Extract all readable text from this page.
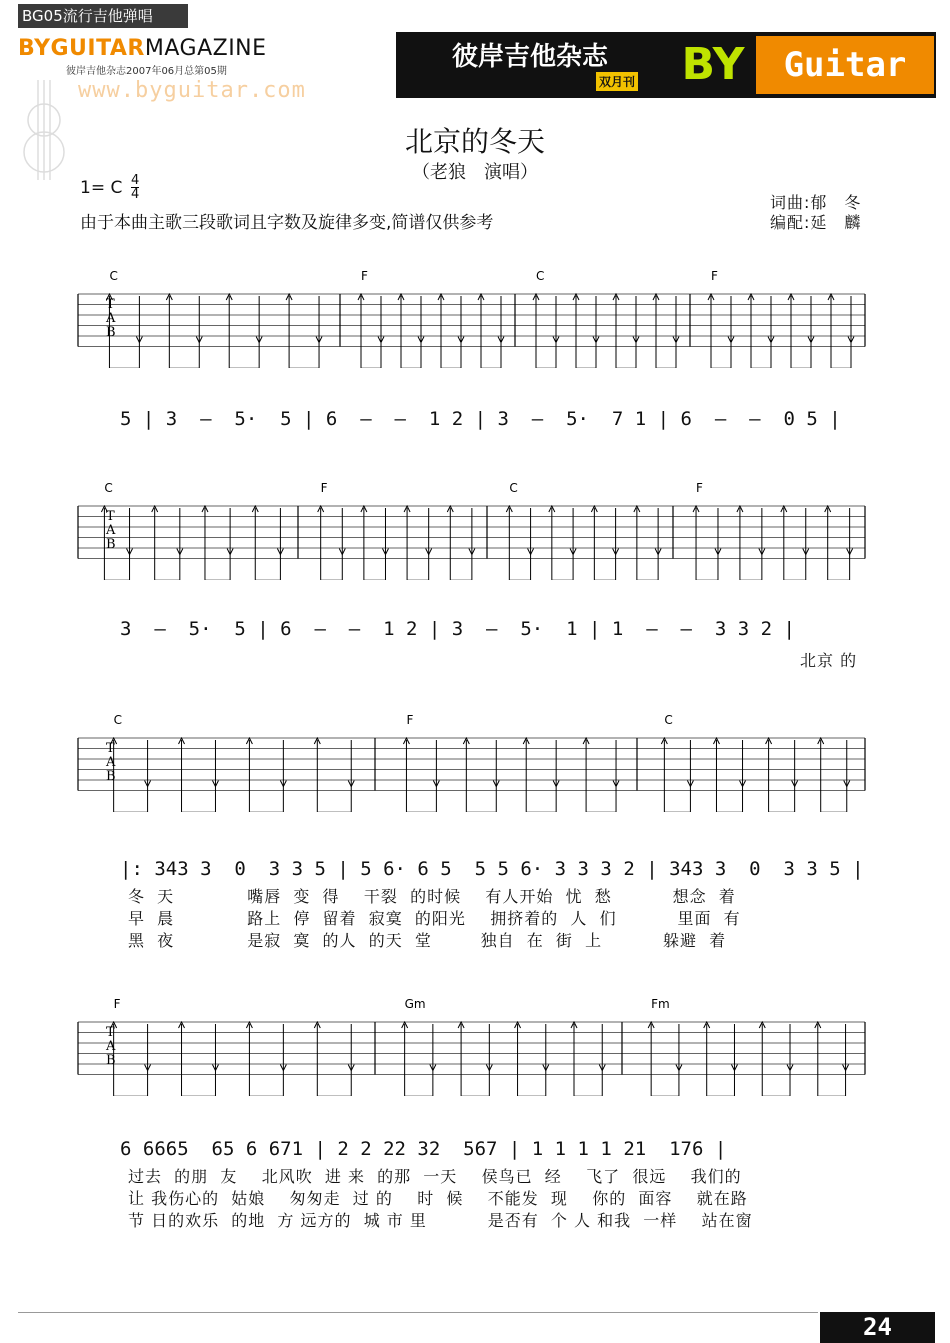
BG05流行吉他弹唱
BYGUITARMAGAZINE
彼岸吉他杂志2007年06月总第05期
www.byguitar.com
彼岸吉他杂志
双月刊 BY	Guitar
北京的冬天
（老狼　演唱）
1= C $\frac{4}{4}$
由于本曲主歌三段歌词且字数及旋律多变,简谱仅供参考
词曲:郁　冬
编配:延　麟
T
A
B
C	F	C	F
5 | 3  –  5·  5 | 6  –  –  1 2 | 3  –  5·  7 1 | 6  –  –  0 5 |
T
A
B
C	F	C	F
3  –  5·  5 | 6  –  –  1 2 | 3  –  5·  1 | 1  –  –  3 3 2 |
北京 的
T
A
B
C	F	C
|: 343 3  0  3 3 5 | 5 6· 6 5  5 5 6· 3 3 3 2 | 343 3  0  3 3 5 |
冬  天            嘴唇  变  得    干裂  的时候    有人开始  忧  愁          想念  着
早  晨            路上  停  留着  寂寞  的阳光    拥挤着的  人  们          里面  有
黑  夜            是寂  寞  的人  的天  堂        独自  在  街  上          躲避  着
T
A
B
F	Gm	Fm
6 6665  65 6 671 | 2 2 22 32  567 | 1 1 1 1 21  176 |
过去  的朋  友    北风吹  进 来  的那  一天    侯鸟已  经    飞了  很远    我们的
让 我伤心的  姑娘    匆匆走  过 的    时  候    不能发  现    你的  面容    就在路
节 日的欢乐  的地  方 远方的  城 市 里          是否有  个 人 和我  一样    站在窗
24
